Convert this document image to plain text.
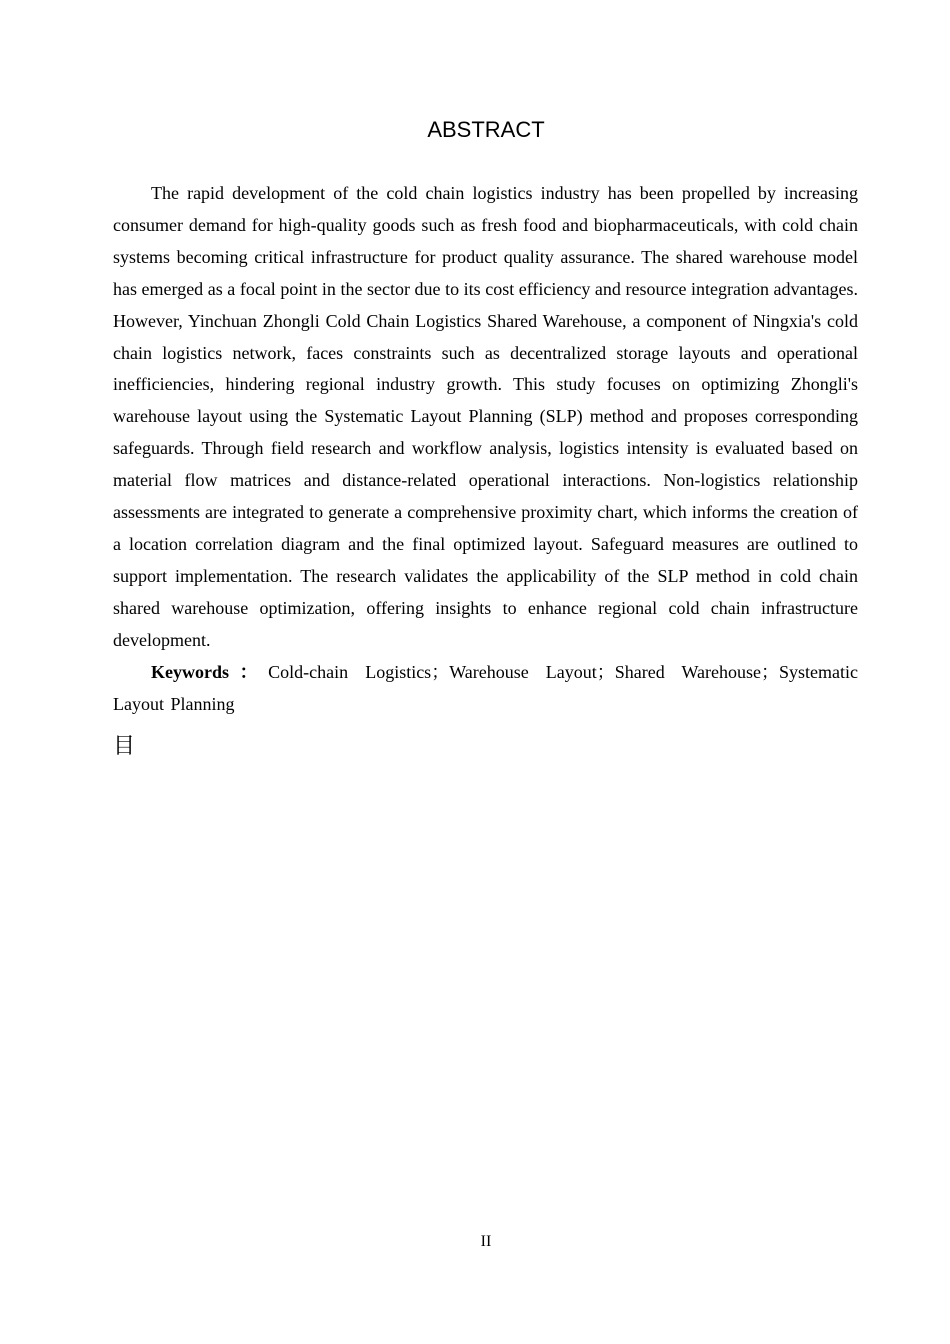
ABSTRACT

The rapid development of the cold chain logistics industry has been propelled by increasing consumer demand for high-quality goods such as fresh food and biopharmaceuticals, with cold chain systems becoming critical infrastructure for product quality assurance. The shared warehouse model has emerged as a focal point in the sector due to its cost efficiency and resource integration advantages. However, Yinchuan Zhongli Cold Chain Logistics Shared Warehouse, a component of Ningxia's cold chain logistics network, faces constraints such as decentralized storage layouts and operational inefficiencies, hindering regional industry growth. This study focuses on optimizing Zhongli's warehouse layout using the Systematic Layout Planning (SLP) method and proposes corresponding safeguards. Through field research and workflow analysis, logistics intensity is evaluated based on material flow matrices and distance-related operational interactions. Non-logistics relationship assessments are integrated to generate a comprehensive proximity chart, which informs the creation of a location correlation diagram and the final optimized layout. Safeguard measures are outlined to support implementation. The research validates the applicability of the SLP method in cold chain shared warehouse optimization, offering insights to enhance regional cold chain infrastructure development.

Keywords：Cold-chain Logistics；Warehouse Layout；Shared Warehouse；Systematic Layout Planning

目
II
